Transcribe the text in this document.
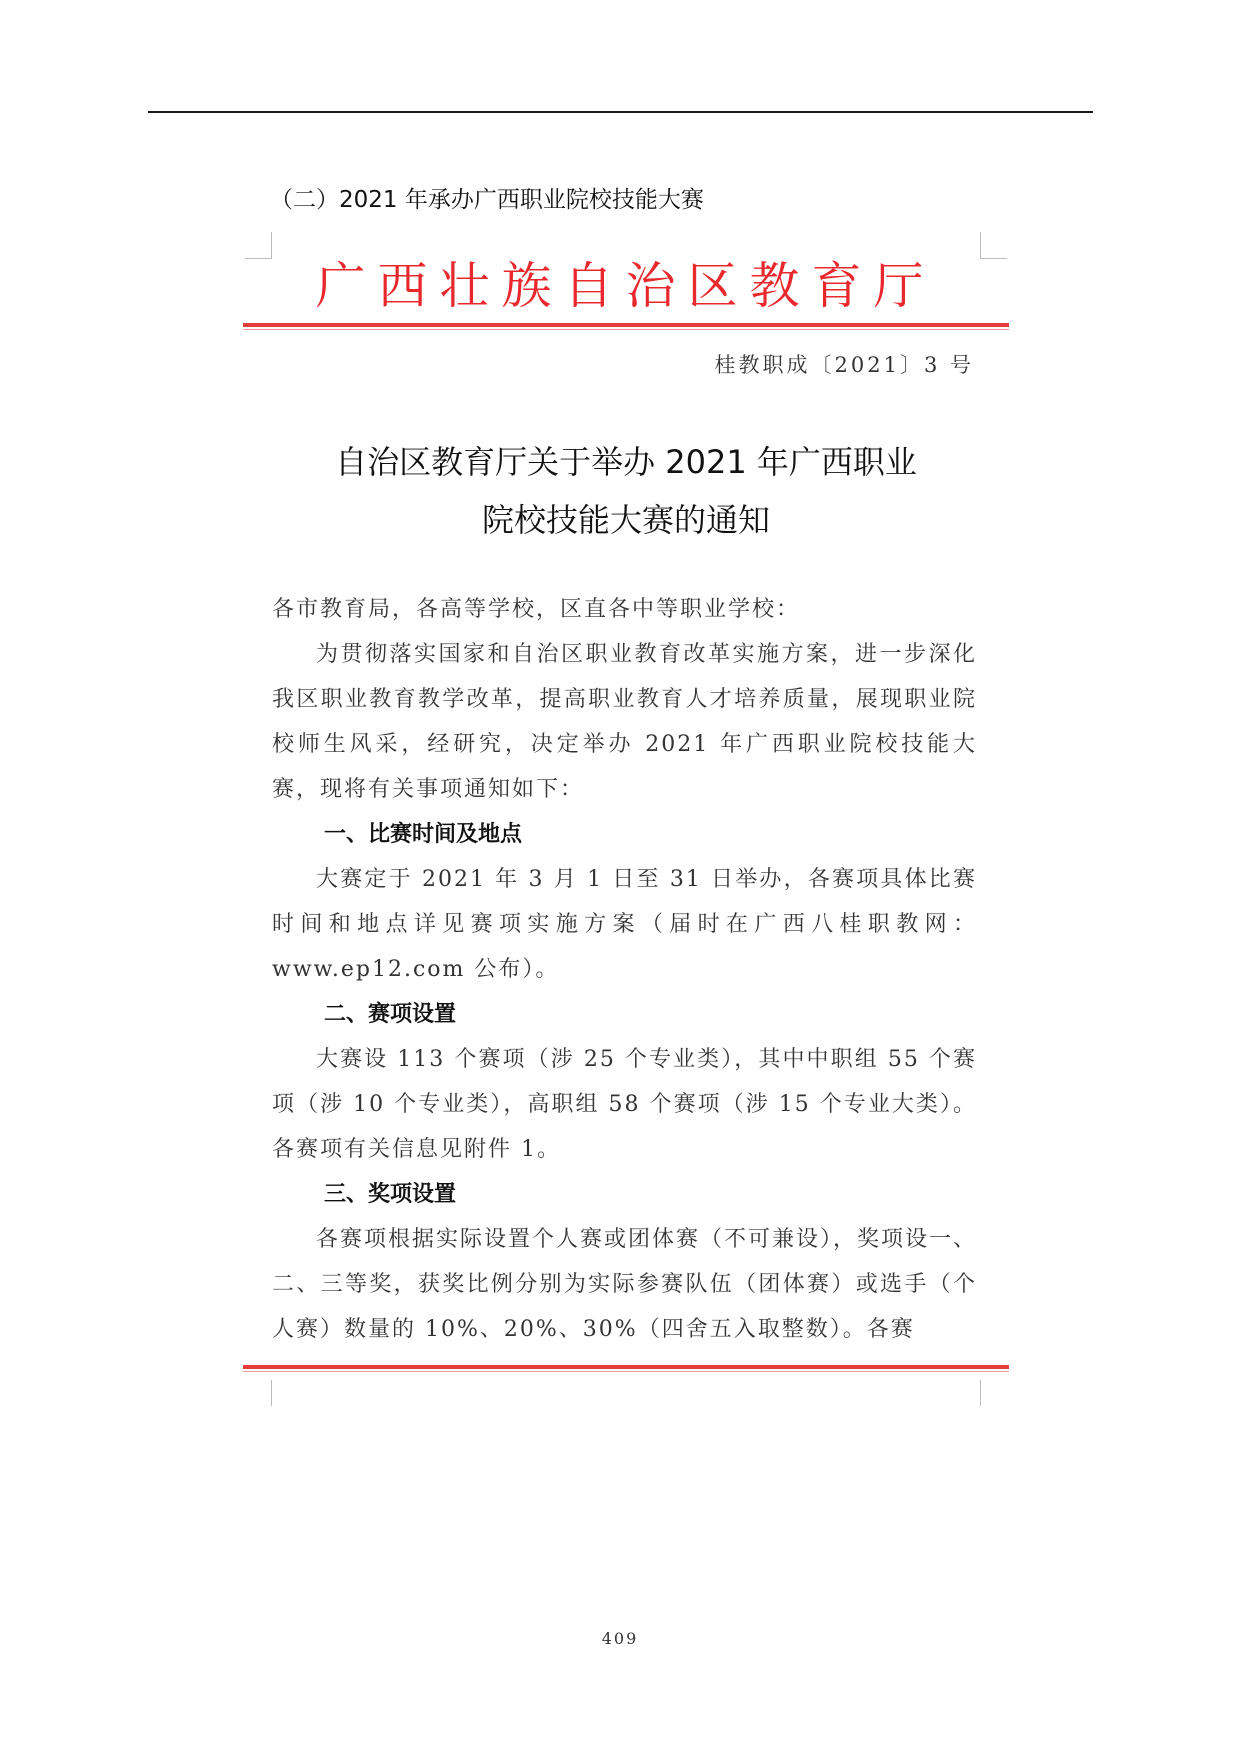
（二）2021 年承办广西职业院校技能大赛
广西壮族自治区教育厅
桂教职成〔2021〕3 号
自治区教育厅关于举办 2021 年广西职业
院校技能大赛的通知

各市教育局，各高等学校，区直各中等职业学校：

为贯彻落实国家和自治区职业教育改革实施方案，进一步深化我区职业教育教学改革，提高职业教育人才培养质量，展现职业院校师生风采，经研究，决定举办 2021 年广西职业院校技能大赛，现将有关事项通知如下：

一、比赛时间及地点

大赛定于 2021 年 3 月 1 日至 31 日举办，各赛项具体比赛时间和地点详见赛项实施方案（届时在广西八桂职教网：www.ep12.com 公布）。

二、赛项设置

大赛设 113 个赛项（涉 25 个专业类），其中中职组 55 个赛项（涉 10 个专业类），高职组 58 个赛项（涉 15 个专业大类）。各赛项有关信息见附件 1。

三、奖项设置

各赛项根据实际设置个人赛或团体赛（不可兼设），奖项设一、二、三等奖，获奖比例分别为实际参赛队伍（团体赛）或选手（个人赛）数量的 10%、20%、30%（四舍五入取整数）。各赛

409
